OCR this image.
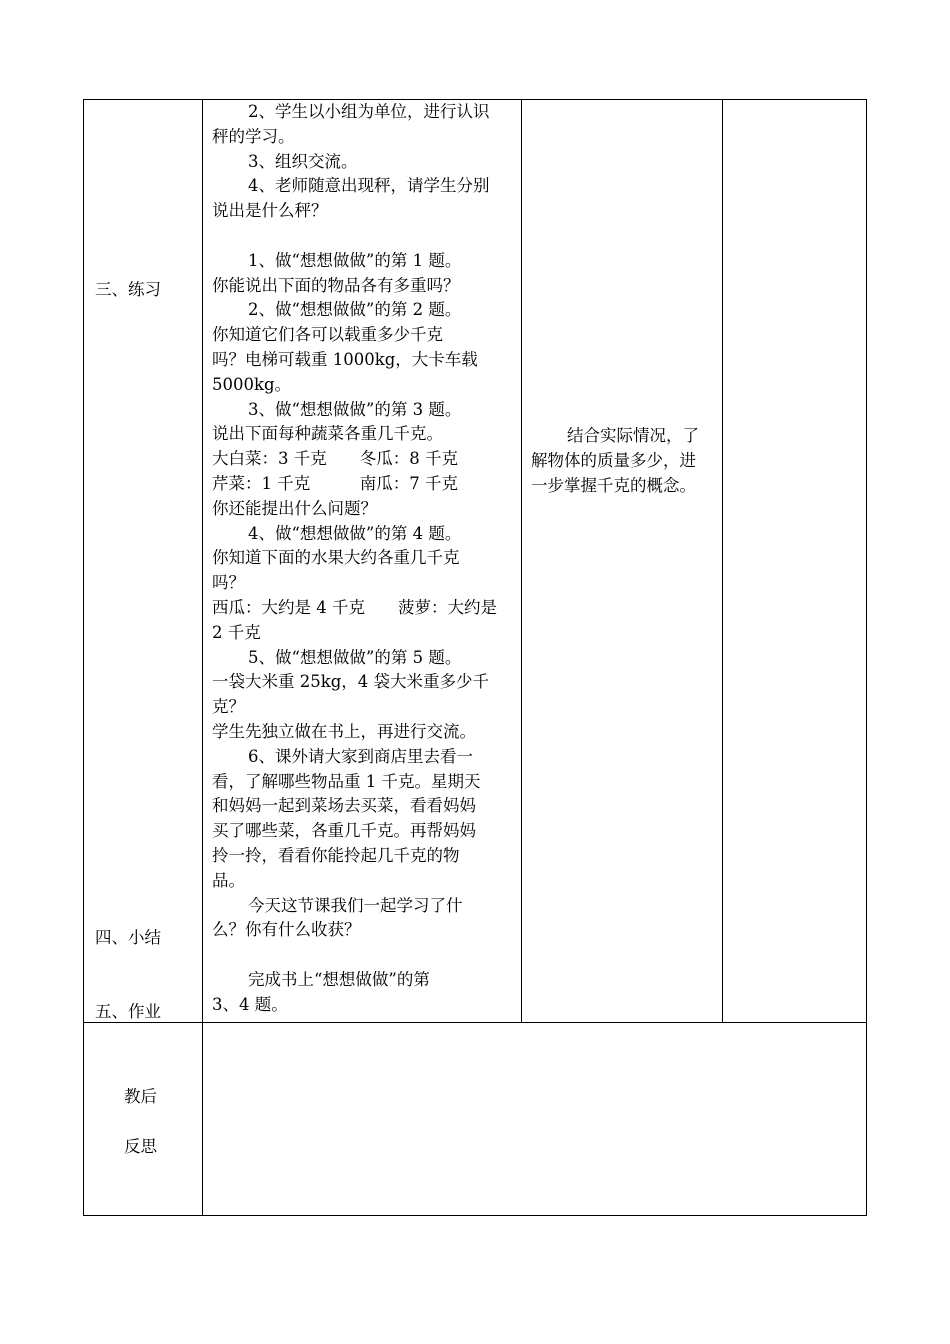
三、练习
四、小结
五、作业
2、学生以小组为单位，进行认识
秤的学习。
3、组织交流。
4、老师随意出现秤，请学生分别
说出是什么秤？
1、做“想想做做”的第 1 题。
你能说出下面的物品各有多重吗？
2、做“想想做做”的第 2 题。
你知道它们各可以载重多少千克
吗？电梯可载重 1000kg，大卡车载
5000kg。
3、做“想想做做”的第 3 题。
说出下面每种蔬菜各重几千克。
大白菜：3 千克　　冬瓜：8 千克
芹菜：1 千克　　　南瓜：7 千克
你还能提出什么问题？
4、做“想想做做”的第 4 题。
你知道下面的水果大约各重几千克
吗？
西瓜：大约是 4 千克　　菠萝：大约是
2 千克
5、做“想想做做”的第 5 题。
一袋大米重 25kg，4 袋大米重多少千
克？
学生先独立做在书上，再进行交流。
6、课外请大家到商店里去看一
看，了解哪些物品重 1 千克。星期天
和妈妈一起到菜场去买菜，看看妈妈
买了哪些菜，各重几千克。再帮妈妈
拎一拎，看看你能拎起几千克的物
品。
今天这节课我们一起学习了什
么？你有什么收获？
完成书上“想想做做”的第
3、4 题。
结合实际情况，了
解物体的质量多少，进
一步掌握千克的概念。
教后
反思
